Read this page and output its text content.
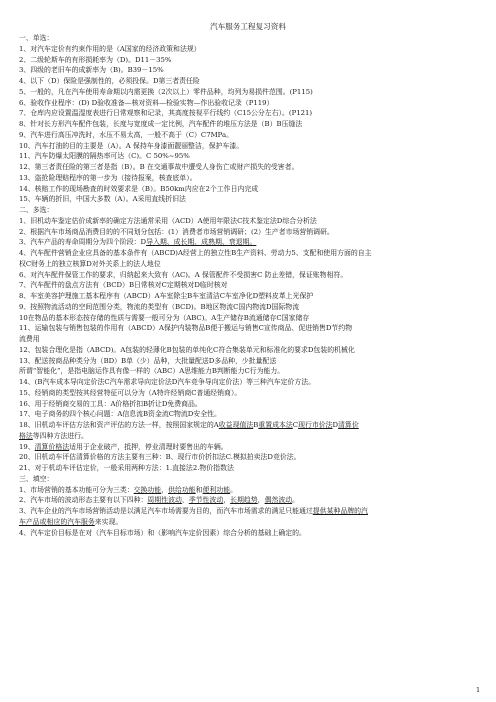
汽车服务工程复习资料
一、单选：
1、对汽车定价有约束作用的是（A国家的经济政策和法规）
2、二级轮斯车的有形损耗率为（D)。D11－35%
3、四级的老旧车的成新率为（B)。B39－15%
4、以下（D）保险是强制性的，必须投保。D第三者责任险
5、一般的，凡在汽车使用寿命期以内需更换（2次以上）零件品种，均列为易损件范围。(P115)
6、验收作业程序：(D) D验收准备—核对资料—检验实物—作出验收记录（P119）
7、仓库内应设置温湿度表进行日常观察和记录，其高度按视平行线约（C15公分左右）。(P121)
8、针对长方形汽车配件包装，长度与宽度成一定比例，汽车配件的堆压方法是（B）B压缝法
9、汽车进行高压冲洗时，水压不易太高，一般不高于（C）C7MPa。
10、汽车打油的目的主要是（A）。A 保持车身漆面靓丽整洁，保护车漆。
11、汽车防爆太阳膜的隔热率可达（C)。C 50%~95%
12、第三者责任险的第三者是指（B）。B 在交通事故中遭受人身伤亡或财产损失的受害者。
13、盗抢险理赔程序的第一步为（接待报案，核查底单）。
14、核赔工作的现场勘查的时效要求是（B）。B50km内应在2个工作日内完成
15、车辆的折旧，中国大多数（A）。A采用直线折旧法
二、多选：
1、旧机动车鉴定估价成新率的确定方法通常采用（ACD）A使用年限法C技术鉴定法D综合分析法
2、根据汽车市场商品消费目的的不同划分包括：(1）消费者市场营销调研；(2）生产者市场营销调研。
3、汽车产品的寿命周期分为四个阶段：D导入期、成长期、成熟期、衰退期。
4、汽车配件营销企业应具备的基本条件有（ABCD)A经营上的独立性B生产资料、劳动力5、支配和使用方面的自主
权C财务上的独立核算D对外关系上的法人地位
6、对汽车配件保管工作的要求，归纳起来大致有（AC)。A 保管配件不受损害C 防止差错，保证账物相符。
7、汽车配件的盘点方法有（BCD）B日常核对C定期核对D临时核对
8、车室美容护理施工基本程序有（ABCD）A车室除尘B车室清洁C车室净化D塑料皮革上光保护
9、按照物流活动的空间范围分类，物流的类型有（BCD)。B地区物流C国内物流D国际物流
10在物品的基本形态按存储的性质与需要一般可分为（ABC)。A生产储存B流通储存C国家储存
11、运输包装与销售包装的作用有（ABCD）A保护内装物品B便于搬运与销售C宣传商品、促进销售D节约物
流费用
12、包装合理化是指（ABCD)。A包装的轻薄化B包装的单纯化C符合集装单元和标准化的要求D包装的机械化
13、配送按商品种类分为（BD）B单（少）品种，大批量配送D多品种，少批量配送
所谓“智能化”，是指电脑运作具有像一样的（ABC）A思维能力B判断能力C行为能力。
14、(B汽车成本导向定价法C汽车需求导向定价法D汽车竞争导向定价法）等三种汽车定价方法。
15、经销商的类型按其经营特征可以分为（A特许经销商C普通经销商）。
16、用于经销商交易的工具：A价格折扣B折让D免费商品。
17、电子商务的四个核心问题：A信息流B资金流C物流D安全性。
18、旧机动车评估方法和资产评估的方法一样，按照国家规定的A收益现值法B重置成本法C现行市价法D清算价
格法等四种方法进行。
19、清算价格法适用于企业破产，抵押，停业清理时要售出的车辆。
20、旧机动车评估清算价格的方法主要有三种：B、现行市价折扣法C.模拟拍卖法D竞价法。
21、对于机动车评估定价，一般采用两种方法：1.直接法2.物价指数法
三、填空：
1、市场营销的基本功能可分为三类：交换功能，供给功能和便利功能。
2、汽车市场的波动形态主要有以下四种：周期性波动，季节性波动，长期趋势，偶然波动。
3、汽车企业的汽车市场营销活动是以满足汽车市场需要为目的，而汽车市场需求的满足只能通过提供某种品牌的汽
车产品或相应的汽车服务来实现。
4、汽车定价目标是在对（汽车目标市场）和（影响汽车定价因素）综合分析的基础上确定的。
1
